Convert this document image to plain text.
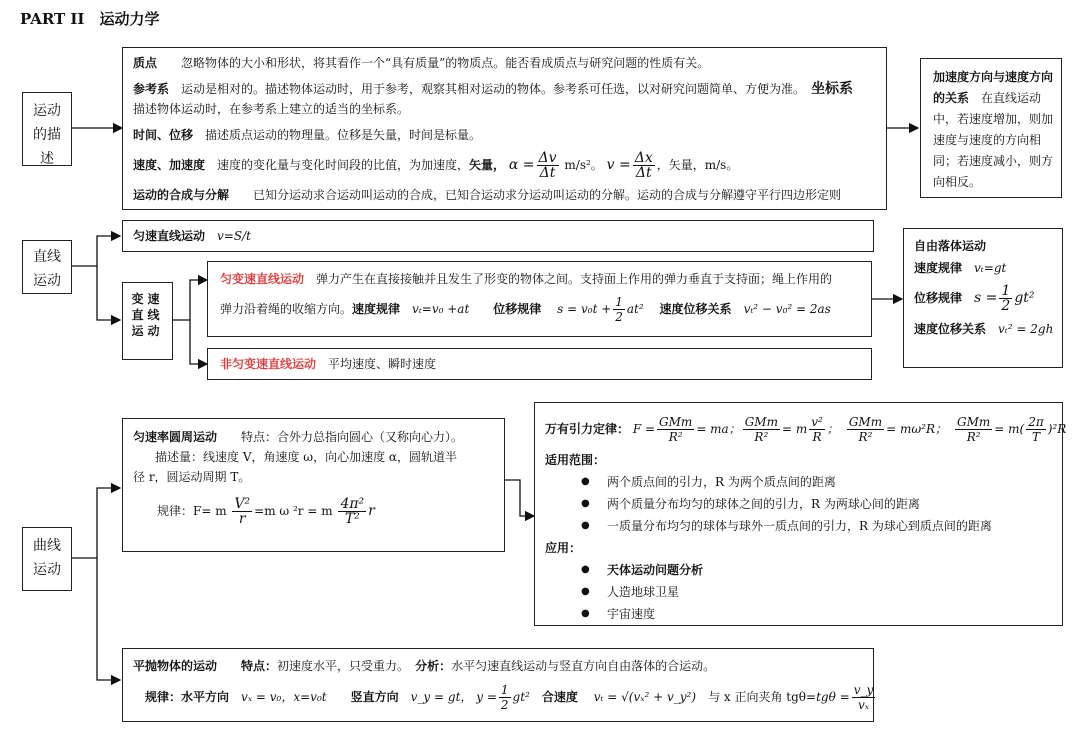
PART II　运动力学
运动的描述
质点　　 忽略物体的大小和形状，将其看作一个“具有质量”的物质点。能否看成质点与研究问题的性质有关。
参考系　 运动是相对的。描述物体运动时，用于参考，观察其相对运动的物体。参考系可任选，以对研究问题简单、方便为准。　 坐标系
描述物体运动时，在参考系上建立的适当的坐标系。
时间、位移　 描述质点运动的物理量。位移是矢量，时间是标量。
速度、加速度　 速度的变化量与变化时间段的比值，为加速度，矢量， $\alpha = \frac{\Delta v}{\Delta t} m/s^2$。 $v = \frac{\Delta x}{\Delta t}$ ，矢量，m/s。
运动的合成与分解　　 已知分运动求合运动叫运动的合成，已知合运动求分运动叫运动的分解。运动的合成与分解遵守平行四边形定则
加速度方向与速度方向的关系　 在直线运动中，若速度增加，则加速度与速度的方向相同；若速度减小，则方向相反。
直线运动
匀速直线运动　 v=S/t
变速直线运动
匀变速直线运动　 弹力产生在直接接触并且发生了形变的物体之间。支持面上作用的弹力垂直于支持面；绳上作用的
弹力沿着绳的收缩方向。速度规律　 vₜ=v₀ +at　　 位移规律　 $s = v_0t + \frac{1}{2} at^2$　 速度位移关系　 vₜ² − v₀² = 2as
非匀变速直线运动　 平均速度、瞬时速度
自由落体运动
速度规律　 vₜ=gt
位移规律　 $s = \frac{1}{2} gt^2$
速度位移关系　 vₜ² = 2gh
曲线运动
匀速率圆周运动　　 特点：合外力总指向圆心（又称向心力）。
描述量：线速度 V，角速度 ω，向心加速度 α，圆轨道半
径 r，圆运动周期 T。
规律：F= m $\frac{\text{V²}}{r} =m$ ω ²r = m $\frac{\text{4π²}}{\text{T²}}$ r
万有引力定律： $F = \frac{\text{GMm}}{\text{R²}}$ = ma； $\frac{\text{GMm}}{\text{R²}} = m \frac{\text{v²}}{R}$ ；　 $\frac{\text{GMm}}{\text{R²}} = m\omega^2R$；　 $\frac{\text{GMm}}{\text{R²}} = m( \frac{2\pi}{T} )^2R$
适用范围：
● 两个质点间的引力，R 为两个质点间的距离
● 两个质量分布均匀的球体之间的引力，R 为两球心间的距离
● 一质量分布均匀的球体与球外一质点间的引力，R 为球心到质点间的距离
应用：
● 天体运动问题分析
● 人造地球卫星
● 宇宙速度
平抛物体的运动　　 特点：初速度水平，只受重力。　 分析：水平匀速直线运动与竖直方向自由落体的合运动。
规律：水平方向　 vₓ = v₀，x=v₀t　　 竖直方向　 v_y = gt， $y = \frac{1}{2} gt^2$　 合速度　 vₜ = √(vₓ² + v_y²)　 与 x 正向夹角 $tg\theta=tg\theta = \frac{v\_y}{\text{vₓ}}$
